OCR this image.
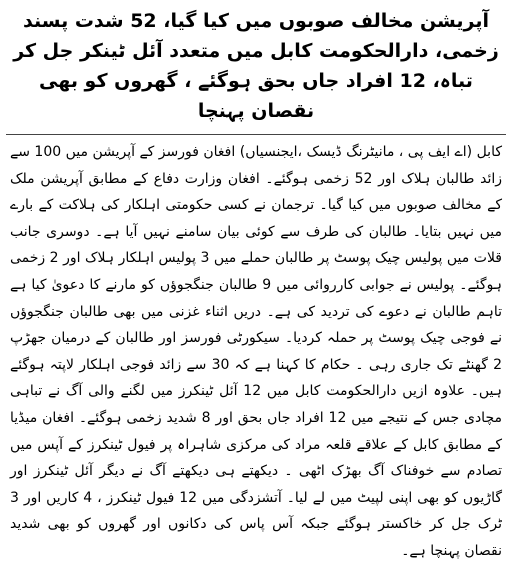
آپریشن مخالف صوبوں میں کیا گیا، 52 شدت پسند زخمی، دارالحکومت کابل میں متعدد آئل ٹینکر جل کر تباہ، 12 افراد جاں بحق ہوگئے ، گھروں کو بھی نقصان پہنچا

کابل (اے ایف پی ، مانیٹرنگ ڈیسک ،ایجنسیاں) افغان فورسز کے آپریشن میں 100 سے زائد طالبان ہلاک اور 52 زخمی ہوگئے۔ افغان وزارت دفاع کے مطابق آپریشن ملک کے مخالف صوبوں میں کیا گیا۔ ترجمان نے کسی حکومتی اہلکار کی ہلاکت کے بارے میں نہیں بتایا۔ طالبان کی طرف سے کوئی بیان سامنے نہیں آیا ہے۔ دوسری جانب قلات میں پولیس چیک پوسٹ پر طالبان حملے میں 3 پولیس اہلکار ہلاک اور 2 زخمی ہوگئے۔ پولیس نے جوابی کارروائی میں 9 طالبان جنگجوؤں کو مارنے کا دعویٰ کیا ہے تاہم طالبان نے دعوے کی تردید کی ہے۔ دریں اثناء غزنی میں بھی طالبان جنگجوؤں نے فوجی چیک پوسٹ پر حملہ کردیا۔ سیکورٹی فورسز اور طالبان کے درمیان جھڑپ 2 گھنٹے تک جاری رہی ۔ حکام کا کہنا ہے کہ 30 سے زائد فوجی اہلکار لاپتہ ہوگئے ہیں۔ علاوہ ازیں دارالحکومت کابل میں 12 آئل ٹینکرز میں لگنے والی آگ نے تباہی مچادی جس کے نتیجے میں 12 افراد جاں بحق اور 8 شدید زخمی ہوگئے۔ افغان میڈیا کے مطابق کابل کے علاقے قلعہ مراد کی مرکزی شاہراہ پر فیول ٹینکرز کے آپس میں تصادم سے خوفناک آگ بھڑک اٹھی ۔ دیکھتے ہی دیکھتے آگ نے دیگر آئل ٹینکرز اور گاڑیوں کو بھی اپنی لپیٹ میں لے لیا۔ آتشزدگی میں 12 فیول ٹینکرز ، 4 کاریں اور 3 ٹرک جل کر خاکستر ہوگئے جبکہ آس پاس کی دکانوں اور گھروں کو بھی شدید نقصان پہنچا ہے۔
